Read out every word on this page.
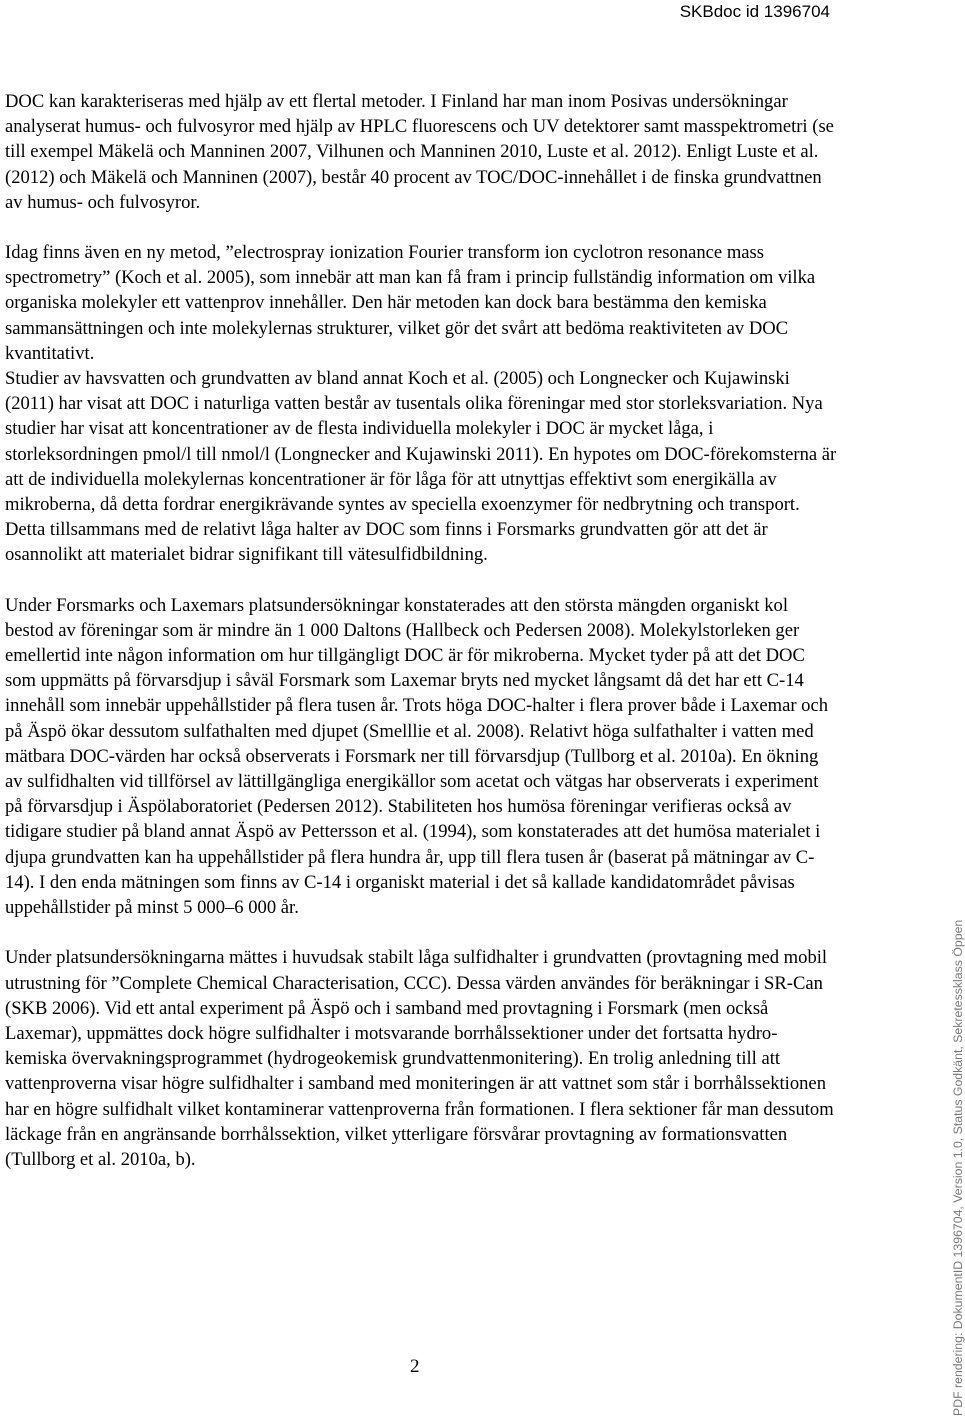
SKBdoc id 1396704

DOC kan karakteriseras med hjälp av ett flertal metoder. I Finland har man inom Posivas undersökningar analyserat humus- och fulvosyror med hjälp av HPLC fluorescens och UV detektorer samt masspektrometri (se till exempel Mäkelä och Manninen 2007, Vilhunen och Manninen 2010, Luste et al. 2012). Enligt Luste et al. (2012) och Mäkelä och Manninen (2007), består 40 procent av TOC/DOC-innehållet i de finska grundvattnen av humus- och fulvosyror.

Idag finns även en ny metod, ”electrospray ionization Fourier transform ion cyclotron resonance mass spectrometry” (Koch et al. 2005), som innebär att man kan få fram i princip fullständig information om vilka organiska molekyler ett vattenprov innehåller. Den här metoden kan dock bara bestämma den kemiska sammansättningen och inte molekylernas strukturer, vilket gör det svårt att bedöma reaktiviteten av DOC kvantitativt.

Studier av havsvatten och grundvatten av bland annat Koch et al. (2005) och Longnecker och Kujawinski (2011) har visat att DOC i naturliga vatten består av tusentals olika föreningar med stor storleksvariation. Nya studier har visat att koncentrationer av de flesta individuella molekyler i DOC är mycket låga, i storleksordningen pmol/l till nmol/l (Longnecker and Kujawinski 2011). En hypotes om DOC-förekomsterna är att de individuella molekylernas koncentrationer är för låga för att utnyttjas effektivt som energikälla av mikroberna, då detta fordrar energikrävande syntes av speciella exoenzymer för nedbrytning och transport. Detta tillsammans med de relativt låga halter av DOC som finns i Forsmarks grundvatten gör att det är osannolikt att materialet bidrar signifikant till vätesulfidbildning.

Under Forsmarks och Laxemars platsundersökningar konstaterades att den största mängden organiskt kol bestod av föreningar som är mindre än 1 000 Daltons (Hallbeck och Pedersen 2008). Molekylstorleken ger emellertid inte någon information om hur tillgängligt DOC är för mikroberna. Mycket tyder på att det DOC som uppmätts på förvarsdjup i såväl Forsmark som Laxemar bryts ned mycket långsamt då det har ett C-14 innehåll som innebär uppehållstider på flera tusen år. Trots höga DOC-halter i flera prover både i Laxemar och på Äspö ökar dessutom sulfathalten med djupet (Smelllie et al. 2008). Relativt höga sulfathalter i vatten med mätbara DOC-värden har också observerats i Forsmark ner till förvarsdjup (Tullborg et al. 2010a). En ökning av sulfidhalten vid tillförsel av lättillgängliga energikällor som acetat och vätgas har observerats i experiment på förvarsdjup i Äspölaboratoriet (Pedersen 2012). Stabiliteten hos humösa föreningar verifieras också av tidigare studier på bland annat Äspö av Pettersson et al. (1994), som konstaterades att det humösa materialet i djupa grundvatten kan ha uppehållstider på flera hundra år, upp till flera tusen år (baserat på mätningar av C-14). I den enda mätningen som finns av C-14 i organiskt material i det så kallade kandidatområdet påvisas uppehållstider på minst 5 000–6 000 år.

Under platsundersökningarna mättes i huvudsak stabilt låga sulfidhalter i grundvatten (provtagning med mobil utrustning för ”Complete Chemical Characterisation, CCC). Dessa värden användes för beräkningar i SR-Can (SKB 2006). Vid ett antal experiment på Äspö och i samband med provtagning i Forsmark (men också Laxemar), uppmättes dock högre sulfidhalter i motsvarande borrhålssektioner under det fortsatta hydro-kemiska övervakningsprogrammet (hydrogeokemisk grundvattenmonitering). En trolig anledning till att vattenproverna visar högre sulfidhalter i samband med moniteringen är att vattnet som står i borrhålssektionen har en högre sulfidhalt vilket kontaminerar vattenproverna från formationen. I flera sektioner får man dessutom läckage från en angränsande borrhålssektion, vilket ytterligare försvårar provtagning av formationsvatten (Tullborg et al. 2010a, b).

2	PDF rendering: DokumentID 1396704, Version 1.0, Status Godkänt, Sekretessklass Öppen
